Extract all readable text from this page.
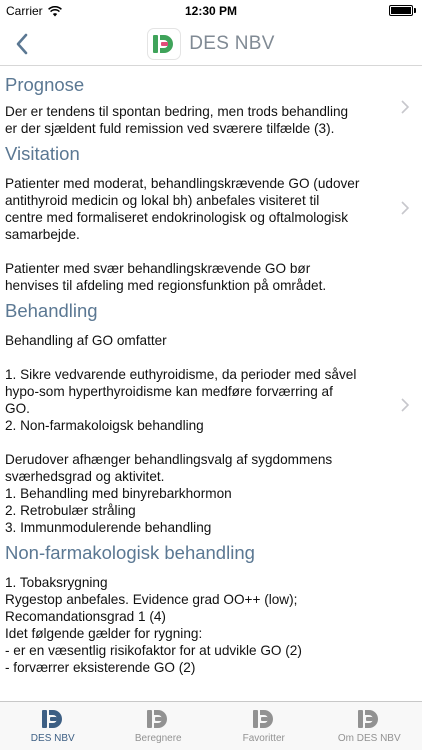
Carrier	12:30 PM
DES NBV
Prognose
Der er tendens til spontan bedring, men trods behandling
er der sjældent fuld remission ved sværere tilfælde (3).
Visitation
Patienter med moderat, behandlingskrævende GO (udover
antithyroid medicin og lokal bh) anbefales visiteret til
centre med formaliseret endokrinologisk og oftalmologisk
samarbejde.
Patienter med svær behandlingskrævende GO bør
henvises til afdeling med regionsfunktion på området.
Behandling
Behandling af GO omfatter
1. Sikre vedvarende euthyroidisme, da perioder med såvel
hypo-som hyperthyroidisme kan medføre forværring af
GO.
2. Non-farmakoloigsk behandling
Derudover afhænger behandlingsvalg af sygdommens
sværhedsgrad og aktivitet.
1. Behandling med binyrebarkhormon
2. Retrobulær stråling
3. Immunmodulerende behandling
Non-farmakologisk behandling
1. Tobaksrygning
Rygestop anbefales. Evidence grad OO++ (low);
Recomandationsgrad 1 (4)
Idet følgende gælder for rygning:
- er en væsentlig risikofaktor for at udvikle GO (2)
- forværrer eksisterende GO (2)
DES NBV	Beregnere	Favoritter	Om DES NBV
